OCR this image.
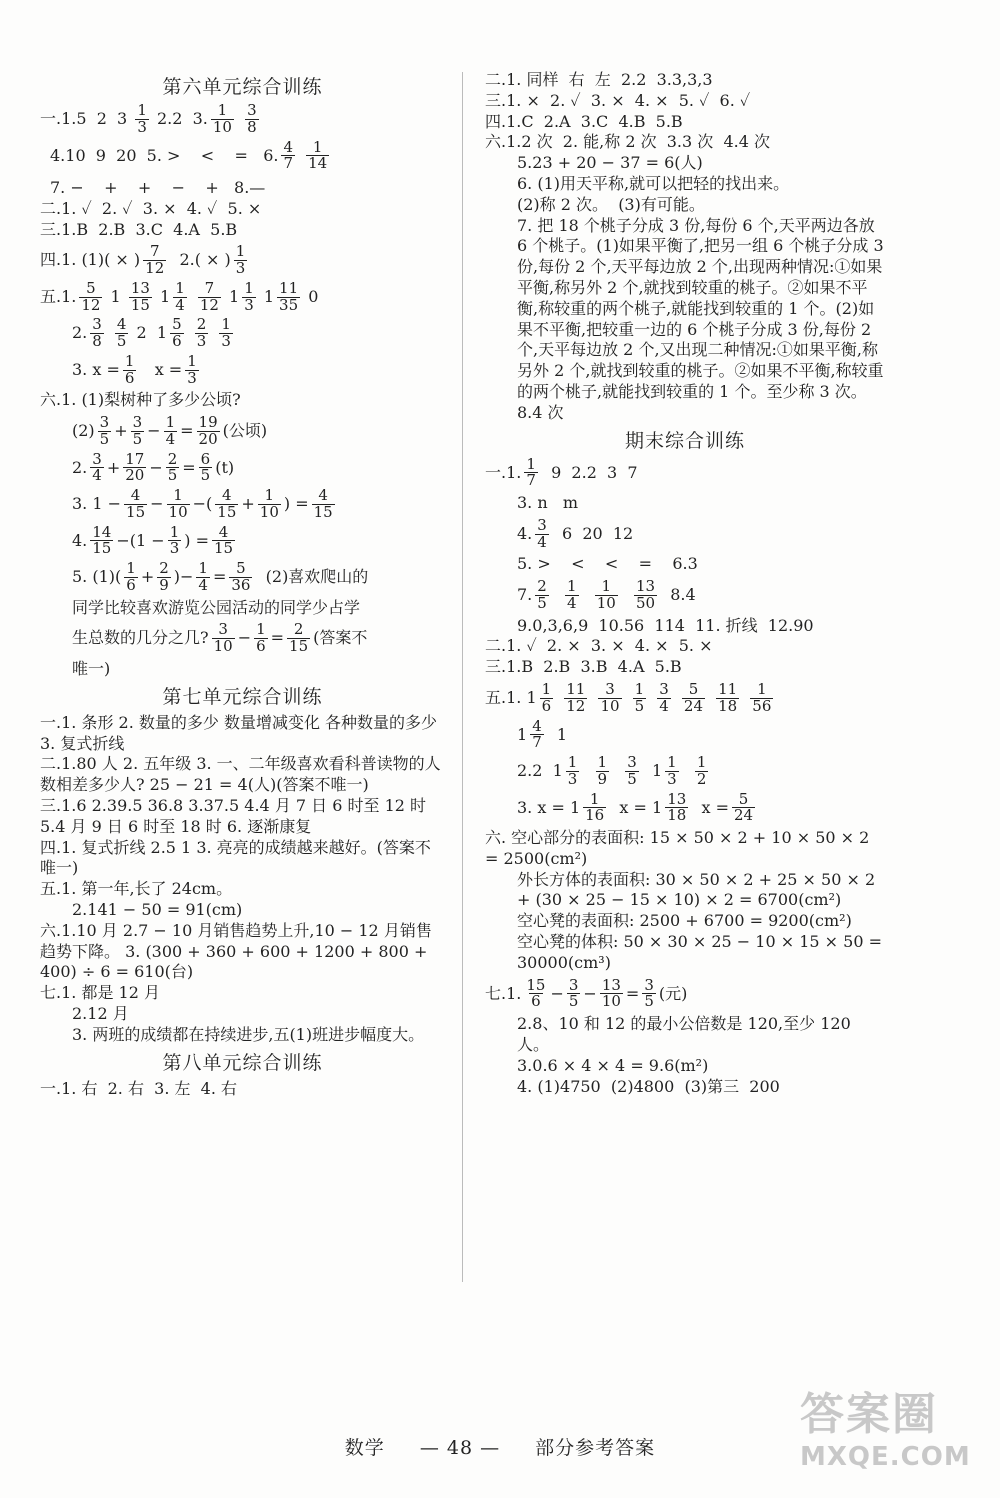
第六单元综合训练
一.1.5  2  $3 \frac{1}{3} 2.2$  3. $\frac{1}{10}$
$\frac{3}{8}$
4.10  9  20  5. >    <    =   6. $\frac{4}{7}$
$\frac{1}{14}$
7. −    +    +    −    +   8.—
二.1. ✓  2. ✓  3. ×  4. ✓  5. ×
三.1.B  2.B  3.C  4.A  5.B
四.1. (1)( × ) $\frac{7}{12} 2$.( × ) $\frac{1}{3}$
五.1. $\frac{5}{12} 1 \frac{13}{15} 1 \frac{1}{4}$
$\frac{7}{12} 1 \frac{1}{3} 1 \frac{11}{35} 0$
2. $\frac{3}{8}$
$\frac{4}{5} 2$  $1 \frac{5}{6}$
$\frac{2}{3}$
$\frac{1}{3}$
3. $x = \frac{1}{6}$ $x = \frac{1}{3}$
六.1. (1)梨树种了多少公顷?
$(2) \frac{3}{5} + \frac{3}{5} - \frac{1}{4} = \frac{19}{20}$ (公顷)
2. $\frac{3}{4} + \frac{17}{20} - \frac{2}{5} = \frac{6}{5} (t)$
3. $1 - \frac{4}{15} - \frac{1}{10}$ −( $\frac{4}{15} + \frac{1}{10}$ ) = $\frac{4}{15}$
4. $\frac{14}{15} -(1 - \frac{1}{3}$ ) = $\frac{4}{15}$
5. $(1)( \frac{1}{6} + \frac{2}{9}$ )− $\frac{1}{4} = \frac{5}{36} (2)$喜欢爬山的
同学比较喜欢游览公园活动的同学少占学
生总数的几分之几? $\frac{3}{10} - \frac{1}{6} = \frac{2}{15}$ (答案不
唯一)
第七单元综合训练
一.1. 条形 2. 数量的多少 数量增减变化 各种数量的多少 3. 复式折线
二.1.80 人 2. 五年级 3. 一、二年级喜欢看科普读物的人数相差多少人? 25 − 21 = 4(人)(答案不唯一)
三.1.6 2.39.5 36.8 3.37.5 4.4 月 7 日 6 时至 12 时 5.4 月 9 日 6 时至 18 时 6. 逐渐康复
四.1. 复式折线 2.5 1 3. 亮亮的成绩越来越好。(答案不唯一)
五.1. 第一年,长了 24cm。
2.141 − 50 = 91(cm)
六.1.10 月 2.7 − 10 月销售趋势上升,10 − 12 月销售趋势下降。 3. (300 + 360 + 600 + 1200 + 800 + 400) ÷ 6 = 610(台)
七.1. 都是 12 月
2.12 月
3. 两班的成绩都在持续进步,五(1)班进步幅度大。
第八单元综合训练
一.1. 右  2. 右  3. 左  4. 右
二.1. 同样  右  左  2.2  3.3,3,3
三.1. ×  2. ✓  3. ×  4. ×  5. ✓  6. ✓
四.1.C  2.A  3.C  4.B  5.B
六.1.2 次  2. 能,称 2 次  3.3 次  4.4 次
5.23 + 20 − 37 = 6(人)
6. (1)用天平称,就可以把轻的找出来。
(2)称 2 次。  (3)有可能。
7. 把 18 个桃子分成 3 份,每份 6 个,天平两边各放 6 个桃子。(1)如果平衡了,把另一组 6 个桃子分成 3 份,每份 2 个,天平每边放 2 个,出现两种情况:①如果平衡,称另外 2 个,就找到较重的桃子。②如果不平衡,称较重的两个桃子,就能找到较重的 1 个。(2)如果不平衡,把较重一边的 6 个桃子分成 3 份,每份 2 个,天平每边放 2 个,又出现二种情况:①如果平衡,称另外 2 个,就找到较重的桃子。②如果不平衡,称较重的两个桃子,就能找到较重的 1 个。至少称 3 次。
8.4 次
期末综合训练
一.1. $\frac{1}{7} 9$  2.2  3  7
3. n   m
4. $\frac{3}{4} 6$  20  12
5. >    <    <    =    6.3
7. $\frac{2}{5}$
$\frac{1}{4}$
$\frac{1}{10}$
$\frac{13}{50} 8.4$
9.0,3,6,9  10.56  114  11. 折线  12.90
二.1. ✓  2. ×  3. ×  4. ×  5. ×
三.1.B  2.B  3.B  4.A  5.B
五.1. $1 \frac{1}{6}$
$\frac{11}{12}$
$\frac{3}{10}$
$\frac{1}{5}$
$\frac{3}{4}$
$\frac{5}{24}$
$\frac{11}{18}$
$\frac{1}{56}$
$1 \frac{4}{7} 1$
2.2  $1 \frac{1}{3}$
$\frac{1}{9}$
$\frac{3}{5} 1 \frac{1}{3}$
$\frac{1}{2}$
3. $x = 1 \frac{1}{16}$ $x = 1 \frac{13}{18}$ $x = \frac{5}{24}$
六. 空心部分的表面积: 15 × 50 × 2 + 10 × 50 × 2 = 2500(cm²)
外长方体的表面积: 30 × 50 × 2 + 25 × 50 × 2 + (30 × 25 − 15 × 10) × 2 = 6700(cm²)
空心凳的表面积: 2500 + 6700 = 9200(cm²)
空心凳的体积: 50 × 30 × 25 − 10 × 15 × 50 = 30000(cm³)
七.1. $\frac{15}{6} - \frac{3}{5} - \frac{13}{10} = \frac{3}{5}$ (元)
2.8、10 和 12 的最小公倍数是 120,至少 120 人。
3.0.6 × 4 × 4 = 9.6(m²)
4. (1)4750  (2)4800  (3)第三  200
数学 — 48 — 部分参考答案
答案圈
MXQE.COM
